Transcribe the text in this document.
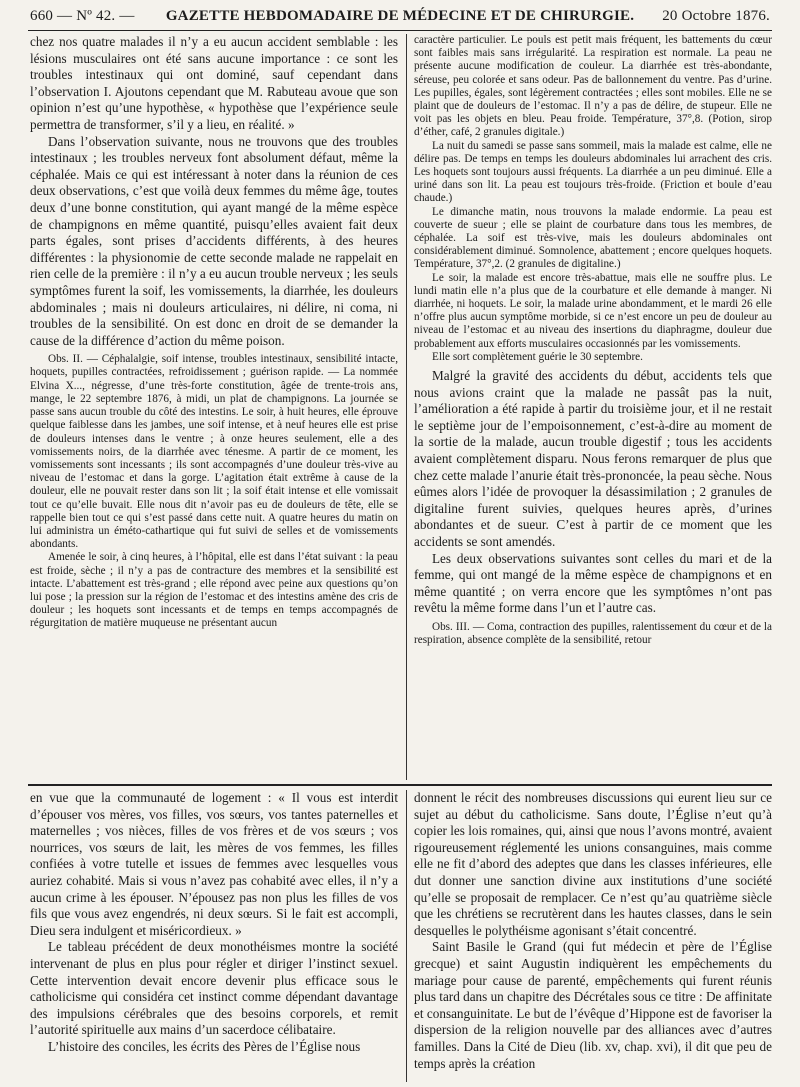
660 — Nº 42. —	GAZETTE HEBDOMADAIRE DE MÉDECINE ET DE CHIRURGIE.	20 Octobre 1876.

chez nos quatre malades il n’y a eu aucun accident semblable : les lésions musculaires ont été sans aucune importance : ce sont les troubles intestinaux qui ont dominé, sauf cependant dans l’observation I. Ajoutons cependant que M. Rabuteau avoue que son opinion n’est qu’une hypothèse, « hypothèse que l’expérience seule permettra de transformer, s’il y a lieu, en réalité. »

Dans l’observation suivante, nous ne trouvons que des troubles intestinaux ; les troubles nerveux font absolument défaut, même la céphalée. Mais ce qui est intéressant à noter dans la réunion de ces deux observations, c’est que voilà deux femmes du même âge, toutes deux d’une bonne constitution, qui ayant mangé de la même espèce de champignons en même quantité, puisqu’elles avaient fait deux parts égales, sont prises d’accidents différents, à des heures différentes : la physionomie de cette seconde malade ne rappelait en rien celle de la première : il n’y a eu aucun trouble nerveux ; les seuls symptômes furent la soif, les vomissements, la diarrhée, les douleurs abdominales ; mais ni douleurs articulaires, ni délire, ni coma, ni troubles de la sensibilité. On est donc en droit de se demander la cause de la différence d’action du même poison.

Obs. II. — Céphalalgie, soif intense, troubles intestinaux, sensibilité intacte, hoquets, pupilles contractées, refroidissement ; guérison rapide. — La nommée Elvina X..., négresse, d’une très-forte constitution, âgée de trente-trois ans, mange, le 22 septembre 1876, à midi, un plat de champignons. La journée se passe sans aucun trouble du côté des intestins. Le soir, à huit heures, elle éprouve quelque faiblesse dans les jambes, une soif intense, et à neuf heures elle est prise de douleurs intenses dans le ventre ; à onze heures seulement, elle a des vomissements noirs, de la diarrhée avec ténesme. A partir de ce moment, les vomissements sont incessants ; ils sont accompagnés d’une douleur très-vive au niveau de l’estomac et dans la gorge. L’agitation était extrême à cause de la douleur, elle ne pouvait rester dans son lit ; la soif était intense et elle vomissait tout ce qu’elle buvait. Elle nous dit n’avoir pas eu de douleurs de tête, elle se rappelle bien tout ce qui s’est passé dans cette nuit. A quatre heures du matin on lui administra un éméto-cathartique qui fut suivi de selles et de vomissements abondants.

Amenée le soir, à cinq heures, à l’hôpital, elle est dans l’état suivant : la peau est froide, sèche ; il n’y a pas de contracture des membres et la sensibilité est intacte. L’abattement est très-grand ; elle répond avec peine aux questions qu’on lui pose ; la pression sur la région de l’estomac et des intestins amène des cris de douleur ; les hoquets sont incessants et de temps en temps accompagnés de régurgitation de matière muqueuse ne présentant aucun

caractère particulier. Le pouls est petit mais fréquent, les battements du cœur sont faibles mais sans irrégularité. La respiration est normale. La peau ne présente aucune modification de couleur. La diarrhée est très-abondante, séreuse, peu colorée et sans odeur. Pas de ballonnement du ventre. Pas d’urine. Les pupilles, égales, sont légèrement contractées ; elles sont mobiles. Elle ne se plaint que de douleurs de l’estomac. Il n’y a pas de délire, de stupeur. Elle ne voit pas les objets en bleu. Peau froide. Température, 37°,8. (Potion, sirop d’éther, café, 2 granules digitale.)

La nuit du samedi se passe sans sommeil, mais la malade est calme, elle ne délire pas. De temps en temps les douleurs abdominales lui arrachent des cris. Les hoquets sont toujours aussi fréquents. La diarrhée a un peu diminué. Elle a uriné dans son lit. La peau est toujours très-froide. (Friction et boule d’eau chaude.)

Le dimanche matin, nous trouvons la malade endormie. La peau est couverte de sueur ; elle se plaint de courbature dans tous les membres, de céphalée. La soif est très-vive, mais les douleurs abdominales ont considérablement diminué. Somnolence, abattement ; encore quelques hoquets. Température, 37°,2. (2 granules de digitaline.)

Le soir, la malade est encore très-abattue, mais elle ne souffre plus. Le lundi matin elle n’a plus que de la courbature et elle demande à manger. Ni diarrhée, ni hoquets. Le soir, la malade urine abondamment, et le mardi 26 elle n’offre plus aucun symptôme morbide, si ce n’est encore un peu de douleur au niveau de l’estomac et au niveau des insertions du diaphragme, douleur due probablement aux efforts musculaires occasionnés par les vomissements.

Elle sort complètement guérie le 30 septembre.

Malgré la gravité des accidents du début, accidents tels que nous avions craint que la malade ne passât pas la nuit, l’amélioration a été rapide à partir du troisième jour, et il ne restait le septième jour de l’empoisonnement, c’est-à-dire au moment de la sortie de la malade, aucun trouble digestif ; tous les accidents avaient complètement disparu. Nous ferons remarquer de plus que chez cette malade l’anurie était très-prononcée, la peau sèche. Nous eûmes alors l’idée de provoquer la désassimilation ; 2 granules de digitaline furent suivies, quelques heures après, d’urines abondantes et de sueur. C’est à partir de ce moment que les accidents se sont amendés.

Les deux observations suivantes sont celles du mari et de la femme, qui ont mangé de la même espèce de champignons et en même quantité ; on verra encore que les symptômes n’ont pas revêtu la même forme dans l’un et l’autre cas.

Obs. III. — Coma, contraction des pupilles, ralentissement du cœur et de la respiration, absence complète de la sensibilité, retour

en vue que la communauté de logement : « Il vous est interdit d’épouser vos mères, vos filles, vos sœurs, vos tantes paternelles et maternelles ; vos nièces, filles de vos frères et de vos sœurs ; vos nourrices, vos sœurs de lait, les mères de vos femmes, les filles confiées à votre tutelle et issues de femmes avec lesquelles vous auriez cohabité. Mais si vous n’avez pas cohabité avec elles, il n’y a aucun crime à les épouser. N’épousez pas non plus les filles de vos fils que vous avez engendrés, ni deux sœurs. Si le fait est accompli, Dieu sera indulgent et miséricordieux. »

Le tableau précédent de deux monothéismes montre la société intervenant de plus en plus pour régler et diriger l’instinct sexuel. Cette intervention devait encore devenir plus efficace sous le catholicisme qui considéra cet instinct comme dépendant davantage des impulsions cérébrales que des besoins corporels, et remit l’autorité spirituelle aux mains d’un sacerdoce célibataire.

L’histoire des conciles, les écrits des Pères de l’Église nous

donnent le récit des nombreuses discussions qui eurent lieu sur ce sujet au début du catholicisme. Sans doute, l’Église n’eut qu’à copier les lois romaines, qui, ainsi que nous l’avons montré, avaient rigoureusement réglementé les unions consanguines, mais comme elle ne fit d’abord des adeptes que dans les classes inférieures, elle dut donner une sanction divine aux institutions d’une société qu’elle se proposait de remplacer. Ce n’est qu’au quatrième siècle que les chrétiens se recrutèrent dans les hautes classes, dans le sein desquelles le polythéisme agonisant s’était concentré.

Saint Basile le Grand (qui fut médecin et père de l’Église grecque) et saint Augustin indiquèrent les empêchements du mariage pour cause de parenté, empêchements qui furent réunis plus tard dans un chapitre des Décrétales sous ce titre : De affinitate et consanguinitate. Le but de l’évêque d’Hippone est de favoriser la dispersion de la religion nouvelle par des alliances avec d’autres familles. Dans la Cité de Dieu (lib. xv, chap. xvi), il dit que peu de temps après la création
